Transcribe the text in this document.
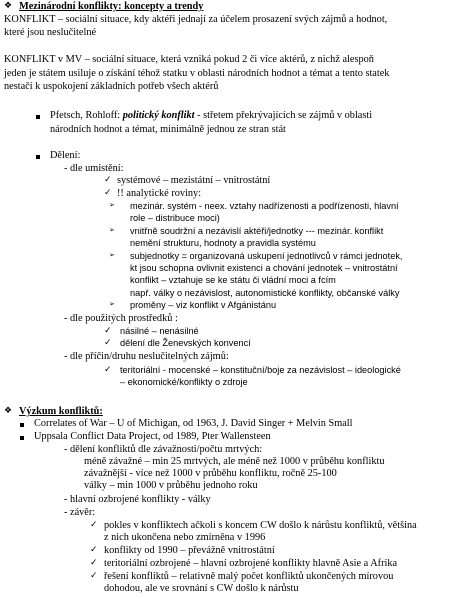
❖ Mezinárodní konflikty: koncepty a trendy
KONFLIKT – sociální situace, kdy aktéři jednají za účelem prosazení svých zájmů a hodnot,
které jsou neslučitelné
KONFLIKT v MV – sociální situace, která vzniká pokud 2 či více aktérů, z nichž alespoň
jeden je státem usiluje o získání téhož statku v oblasti národních hodnot a témat a tento statek
nestačí k uspokojení základních potřeb všech aktérů
Pfetsch, Rohloff: politický konflikt - střetem překrývajících se zájmů v oblasti
národních hodnot a témat, minimálně jednou ze stran stát
Dělení:
- dle umistění:
✓ systémové – mezistátní – vnitrostátní
✓ !! analytické roviny:
➢ mezinár. systém - neex. vztahy nadřízenosti a podřízenosti, hlavní
role – distribuce moci)
➢ vnitřně soudržní a nezávislí aktéři/jednotky --- mezinár. konflikt
nemění strukturu, hodnoty a pravidla systému
➢ subjednotky = organizovaná uskupení jednotlivců v rámci jednotek,
kt jsou schopna ovlivnit existenci a chování jednotek – vnitrostátní
konflikt – vztahuje se ke státu či vládní moci a fcím
např. války o nezávislost, autonomistické konflikty, občanské války
➢ proměny – viz konflikt v Afgánistánu
- dle použitých prostředků :
✓ násilné – nenásilné
✓ dělení dle Ženevských konvencí
- dle příčin/druhu neslučitelných zájmů:
✓ teritoriální - mocenské – konstituční/boje za nezávislost – ideologické
– ekonomické/konflikty o zdroje
❖ Výzkum konfliktů:
Correlates of War – U of Michigan, od 1963, J. David Singer + Melvin Small
Uppsala Conflict Data Project, od 1989, Pter Wallensteen
- dělení konfliktů dle závažnosti/počtu mrtvých:
méně závažné – min 25 mrtvých, ale méně než 1000 v průběhu konfliktu
závažnější - více než 1000 v průběhu konfliktu, ročně 25-100
války – min 1000 v průběhu jednoho roku
- hlavní ozbrojené konflikty - války
- závěr:
✓ pokles v konfliktech ačkoli s koncem CW došlo k nárůstu konfliktů, většina
z nich ukončena nebo zmírněna v 1996
✓ konflikty od 1990 – převážně vnitrostátní
✓ teritoriální ozbrojené – hlavní ozbrojené konflikty hlavně Asie a Afrika
✓ řešení konfliktů – relativně malý počet konfliktů ukončených mírovou
dohodou, ale ve srovnání s CW došlo k nárůstu
